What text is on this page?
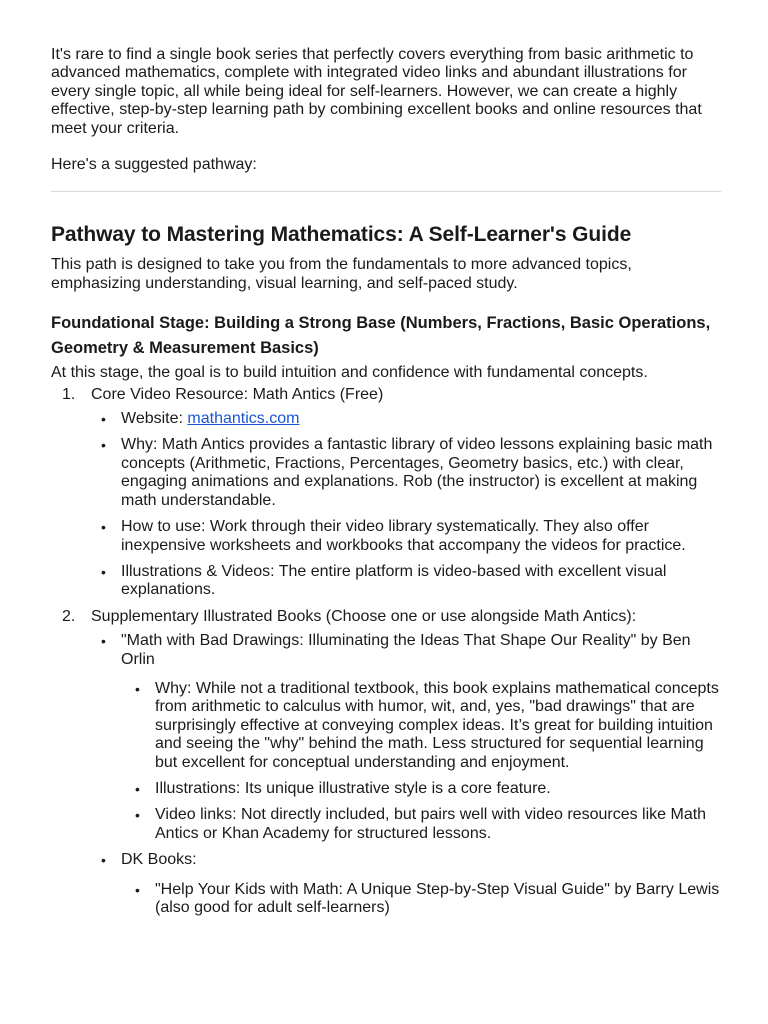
It's rare to find a single book series that perfectly covers everything from basic arithmetic to advanced mathematics, complete with integrated video links and abundant illustrations for every single topic, all while being ideal for self-learners. However, we can create a highly effective, step-by-step learning path by combining excellent books and online resources that meet your criteria.

Here's a suggested pathway:

Pathway to Mastering Mathematics: A Self-Learner's Guide

This path is designed to take you from the fundamentals to more advanced topics, emphasizing understanding, visual learning, and self-paced study.

Foundational Stage: Building a Strong Base (Numbers, Fractions, Basic Operations, Geometry & Measurement Basics)

At this stage, the goal is to build intuition and confidence with fundamental concepts.

1. Core Video Resource: Math Antics (Free)
• Website: mathantics.com
• Why: Math Antics provides a fantastic library of video lessons explaining basic math concepts (Arithmetic, Fractions, Percentages, Geometry basics, etc.) with clear, engaging animations and explanations. Rob (the instructor) is excellent at making math understandable.
• How to use: Work through their video library systematically. They also offer inexpensive worksheets and workbooks that accompany the videos for practice.
• Illustrations & Videos: The entire platform is video-based with excellent visual explanations.
2. Supplementary Illustrated Books (Choose one or use alongside Math Antics):
• "Math with Bad Drawings: Illuminating the Ideas That Shape Our Reality" by Ben Orlin
• Why: While not a traditional textbook, this book explains mathematical concepts from arithmetic to calculus with humor, wit, and, yes, "bad drawings" that are surprisingly effective at conveying complex ideas. It’s great for building intuition and seeing the "why" behind the math. Less structured for sequential learning but excellent for conceptual understanding and enjoyment.
• Illustrations: Its unique illustrative style is a core feature.
• Video links: Not directly included, but pairs well with video resources like Math Antics or Khan Academy for structured lessons.
• DK Books:
• "Help Your Kids with Math: A Unique Step-by-Step Visual Guide" by Barry Lewis (also good for adult self-learners)
